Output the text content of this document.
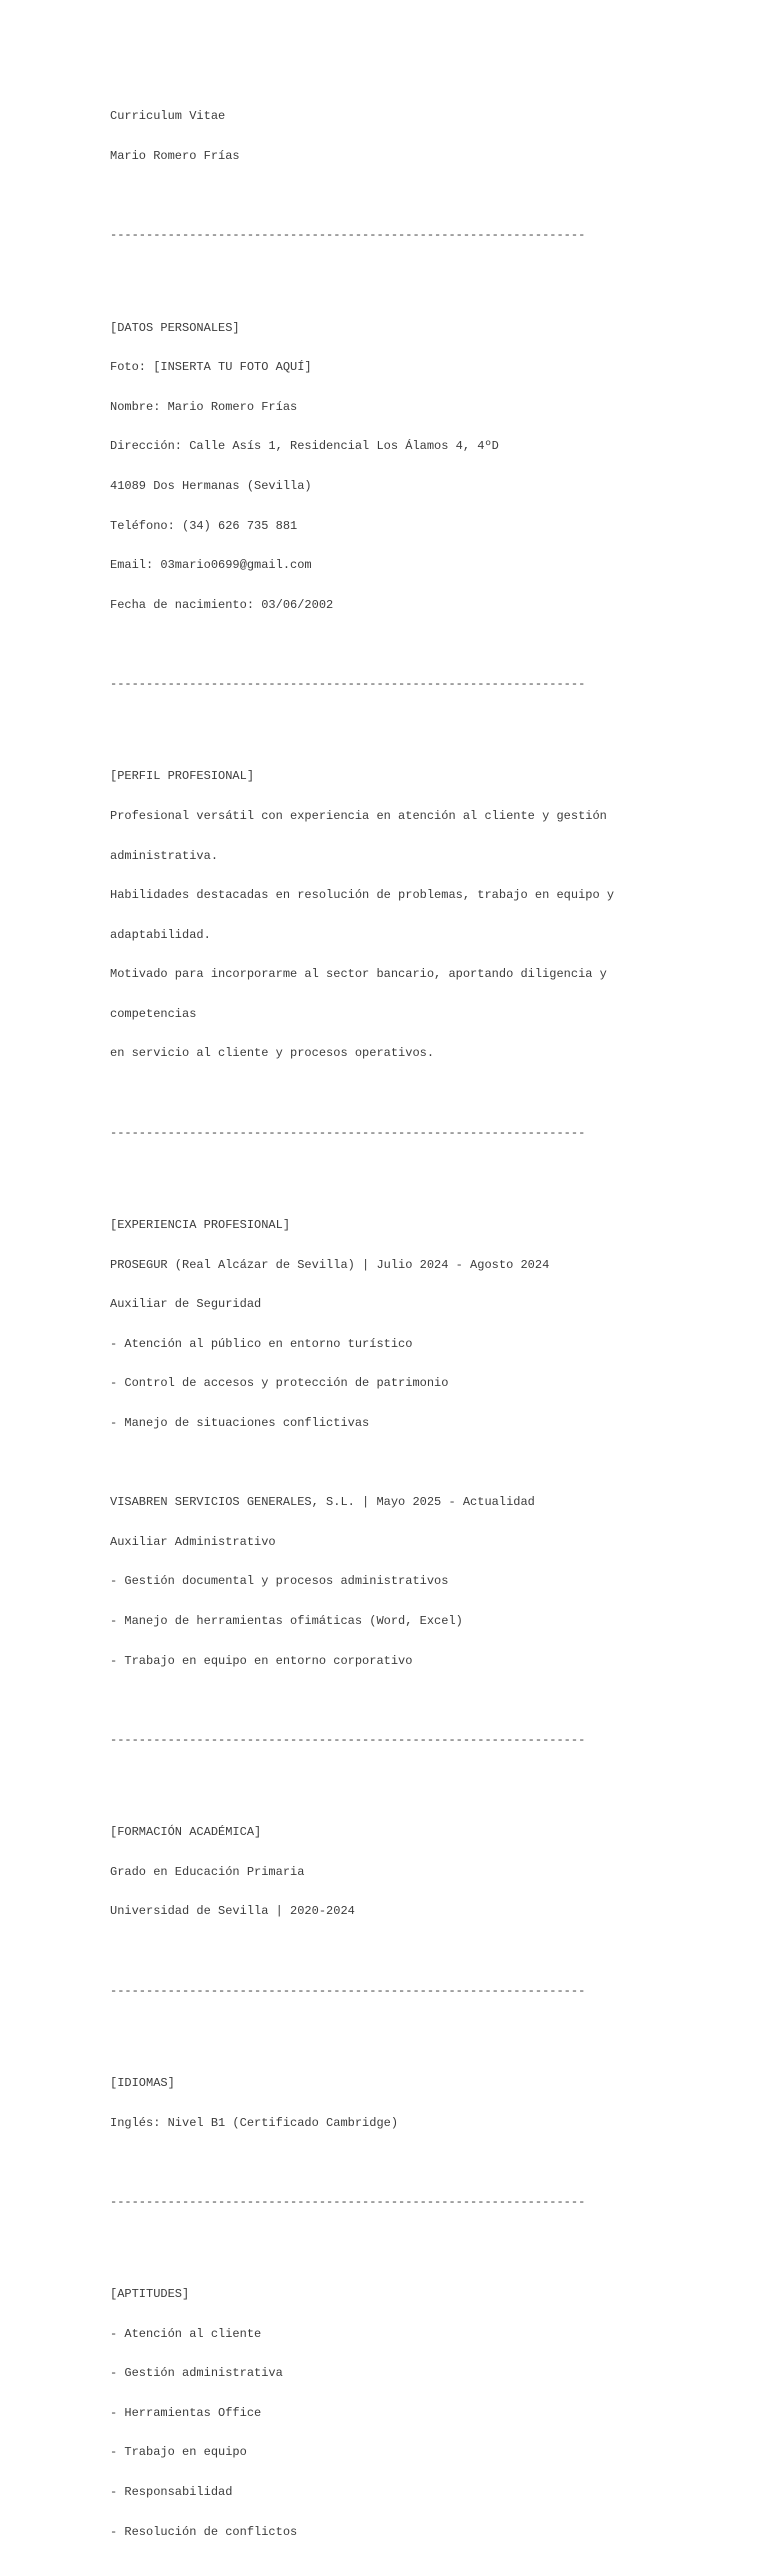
Curriculum Vitae

Mario Romero Frías

------------------------------------------------------------------

[DATOS PERSONALES]

Foto: [INSERTA TU FOTO AQUÍ]

Nombre: Mario Romero Frías

Dirección: Calle Asís 1, Residencial Los Álamos 4, 4ºD

41089 Dos Hermanas (Sevilla)

Teléfono: (34) 626 735 881

Email: 03mario0699@gmail.com

Fecha de nacimiento: 03/06/2002

------------------------------------------------------------------

[PERFIL PROFESIONAL]

Profesional versátil con experiencia en atención al cliente y gestión

administrativa.

Habilidades destacadas en resolución de problemas, trabajo en equipo y

adaptabilidad.

Motivado para incorporarme al sector bancario, aportando diligencia y

competencias

en servicio al cliente y procesos operativos.

------------------------------------------------------------------

[EXPERIENCIA PROFESIONAL]

PROSEGUR (Real Alcázar de Sevilla) | Julio 2024 - Agosto 2024

Auxiliar de Seguridad

- Atención al público en entorno turístico

- Control de accesos y protección de patrimonio

- Manejo de situaciones conflictivas

VISABREN SERVICIOS GENERALES, S.L. | Mayo 2025 - Actualidad

Auxiliar Administrativo

- Gestión documental y procesos administrativos

- Manejo de herramientas ofimáticas (Word, Excel)

- Trabajo en equipo en entorno corporativo

------------------------------------------------------------------

[FORMACIÓN ACADÉMICA]

Grado en Educación Primaria

Universidad de Sevilla | 2020-2024

------------------------------------------------------------------

[IDIOMAS]

Inglés: Nivel B1 (Certificado Cambridge)

------------------------------------------------------------------

[APTITUDES]

- Atención al cliente

- Gestión administrativa

- Herramientas Office

- Trabajo en equipo

- Responsabilidad

- Resolución de conflictos
